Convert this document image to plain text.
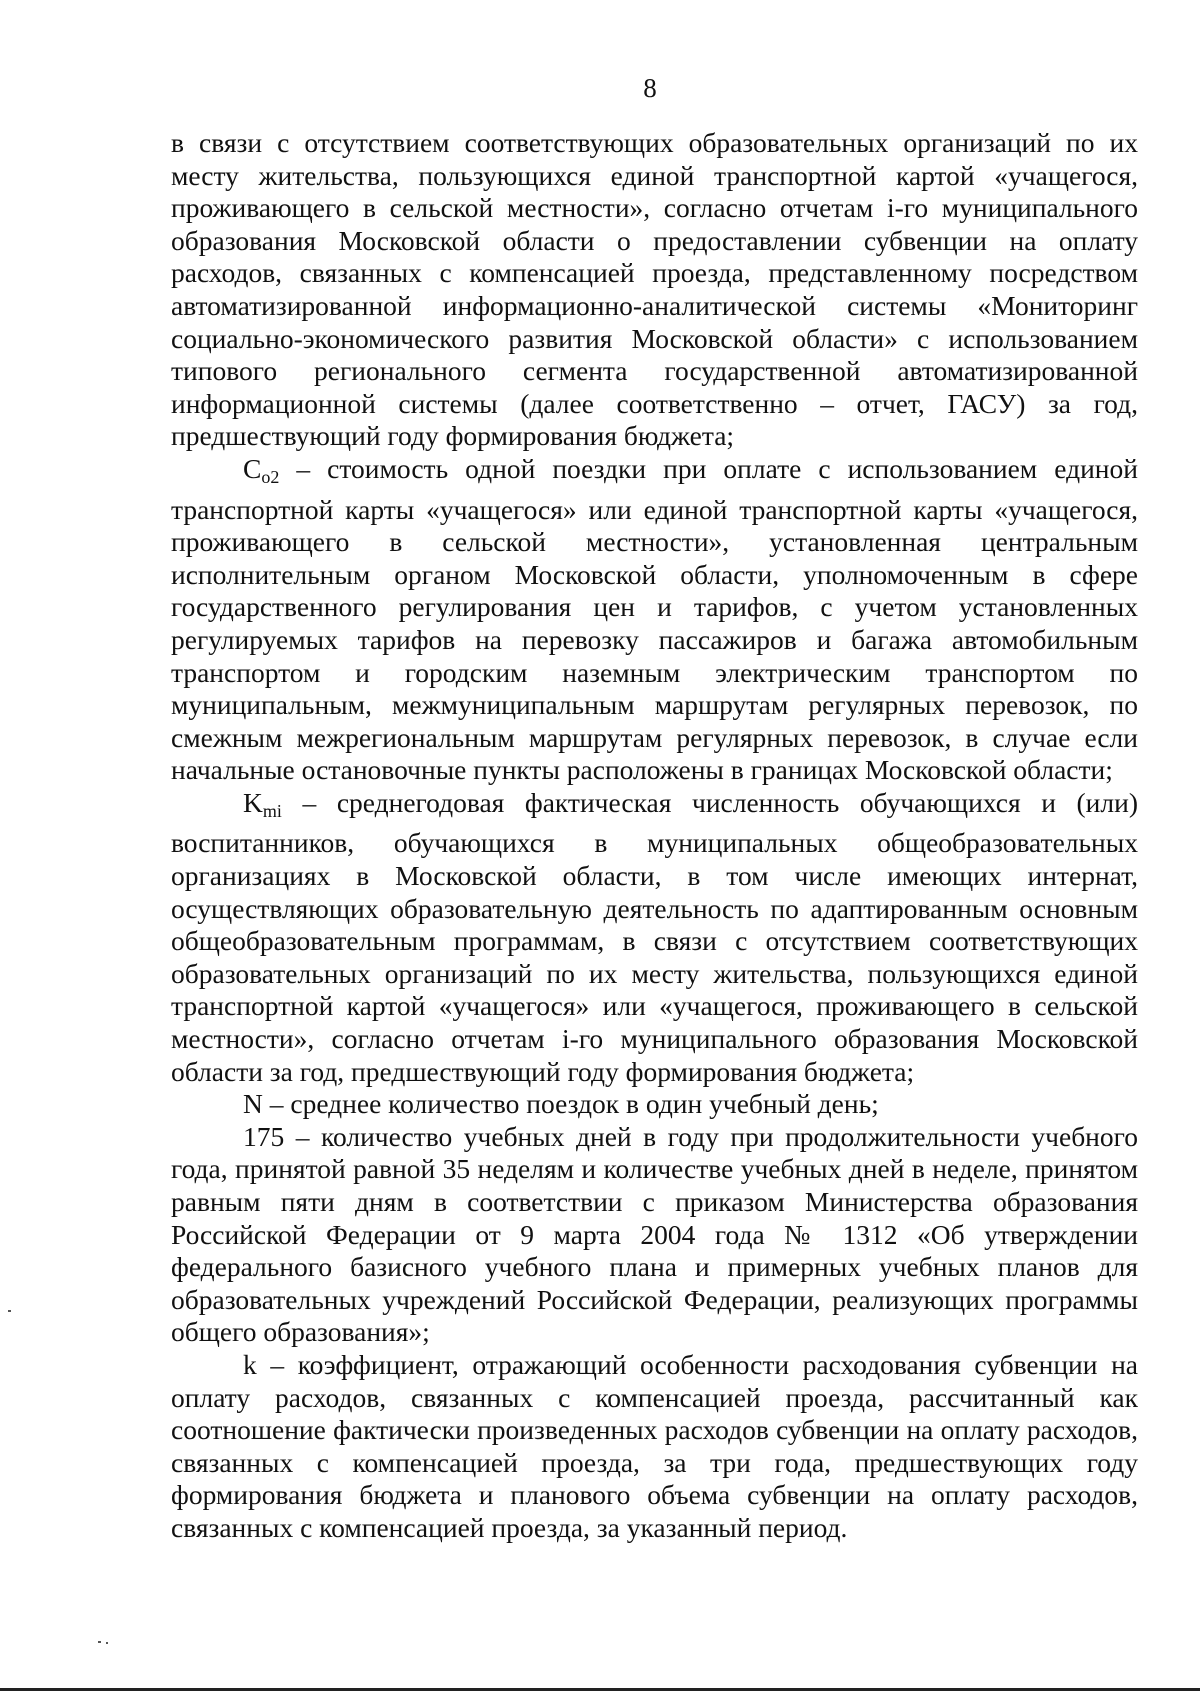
8

в связи с отсутствием соответствующих образовательных организаций по их месту жительства, пользующихся единой транспортной картой «учащегося, проживающего в сельской местности», согласно отчетам i-го муниципального образования Московской области о предоставлении субвенции на оплату расходов, связанных с компенсацией проезда, представленному посредством автоматизированной информационно-аналитической системы «Мониторинг социально-экономического развития Московской области» с использованием типового регионального сегмента государственной автоматизированной информационной системы (далее соответственно – отчет, ГАСУ) за год, предшествующий году формирования бюджета;

$C_{o2}$ – стоимость одной поездки при оплате с использованием единой транспортной карты «учащегося» или единой транспортной карты «учащегося, проживающего в сельской местности», установленная центральным исполнительным органом Московской области, уполномоченным в сфере государственного регулирования цен и тарифов, с учетом установленных регулируемых тарифов на перевозку пассажиров и багажа автомобильным транспортом и городским наземным электрическим транспортом по муниципальным, межмуниципальным маршрутам регулярных перевозок, по смежным межрегиональным маршрутам регулярных перевозок, в случае если начальные остановочные пункты расположены в границах Московской области;

$K_{mi}$ – среднегодовая фактическая численность обучающихся и (или) воспитанников, обучающихся в муниципальных общеобразовательных организациях в Московской области, в том числе имеющих интернат, осуществляющих образовательную деятельность по адаптированным основным общеобразовательным программам, в связи с отсутствием соответствующих образовательных организаций по их месту жительства, пользующихся единой транспортной картой «учащегося» или «учащегося, проживающего в сельской местности», согласно отчетам i-го муниципального образования Московской области за год, предшествующий году формирования бюджета;

N – среднее количество поездок в один учебный день;

175 – количество учебных дней в году при продолжительности учебного года, принятой равной 35 неделям и количестве учебных дней в неделе, принятом равным пяти дням в соответствии с приказом Министерства образования Российской Федерации от 9 марта 2004 года № 1312 «Об утверждении федерального базисного учебного плана и примерных учебных планов для образовательных учреждений Российской Федерации, реализующих программы общего образования»;

k – коэффициент, отражающий особенности расходования субвенции на оплату расходов, связанных с компенсацией проезда, рассчитанный как соотношение фактически произведенных расходов субвенции на оплату расходов, связанных с компенсацией проезда, за три года, предшествующих году формирования бюджета и планового объема субвенции на оплату расходов, связанных с компенсацией проезда, за указанный период.
